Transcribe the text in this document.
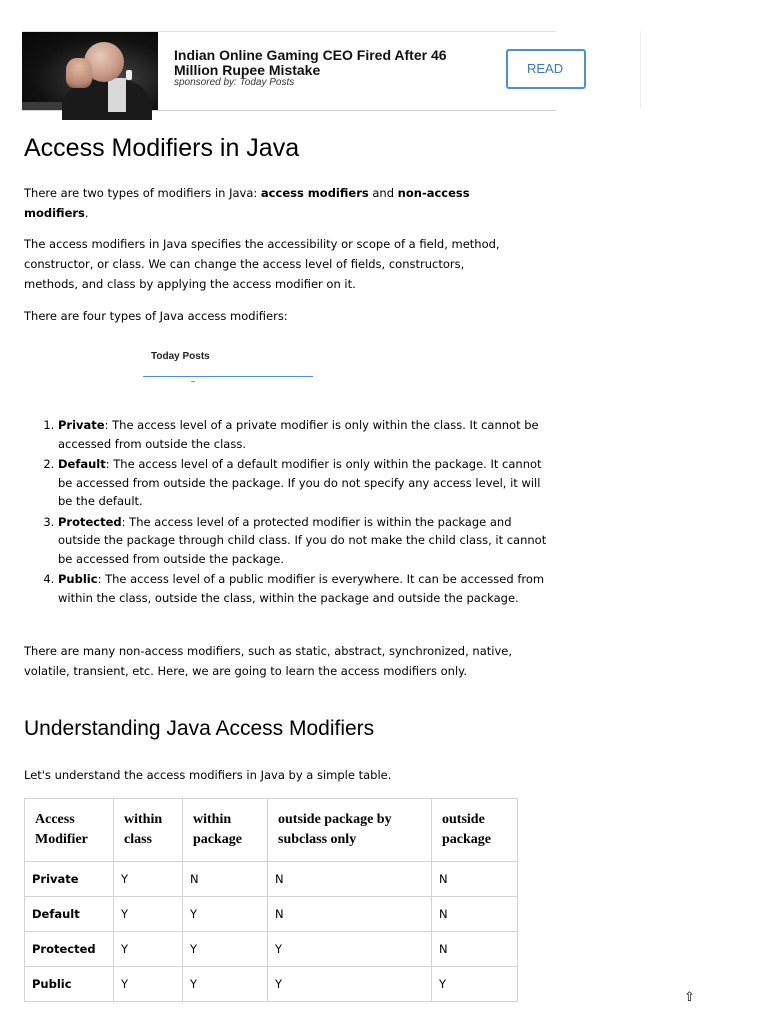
Indian Online Gaming CEO Fired After 46 Million Rupee Mistake
sponsored by: Today Posts
READ
Access Modifiers in Java

There are two types of modifiers in Java: access modifiers and non-access modifiers.

The access modifiers in Java specifies the accessibility or scope of a field, method, constructor, or class. We can change the access level of fields, constructors, methods, and class by applying the access modifier on it.

There are four types of Java access modifiers:

Today Posts
1. Private: The access level of a private modifier is only within the class. It cannot be accessed from outside the class.
2. Default: The access level of a default modifier is only within the package. It cannot be accessed from outside the package. If you do not specify any access level, it will be the default.
3. Protected: The access level of a protected modifier is within the package and outside the package through child class. If you do not make the child class, it cannot be accessed from outside the package.
4. Public: The access level of a public modifier is everywhere. It can be accessed from within the class, outside the class, within the package and outside the package.

There are many non-access modifiers, such as static, abstract, synchronized, native, volatile, transient, etc. Here, we are going to learn the access modifiers only.

Understanding Java Access Modifiers

Let's understand the access modifiers in Java by a simple table.

Access Modifier	within class	within package	outside package by subclass only	outside package
Private	Y	N	N	N
Default	Y	Y	N	N
Protected	Y	Y	Y	N
Public	Y	Y	Y	Y
⇧
